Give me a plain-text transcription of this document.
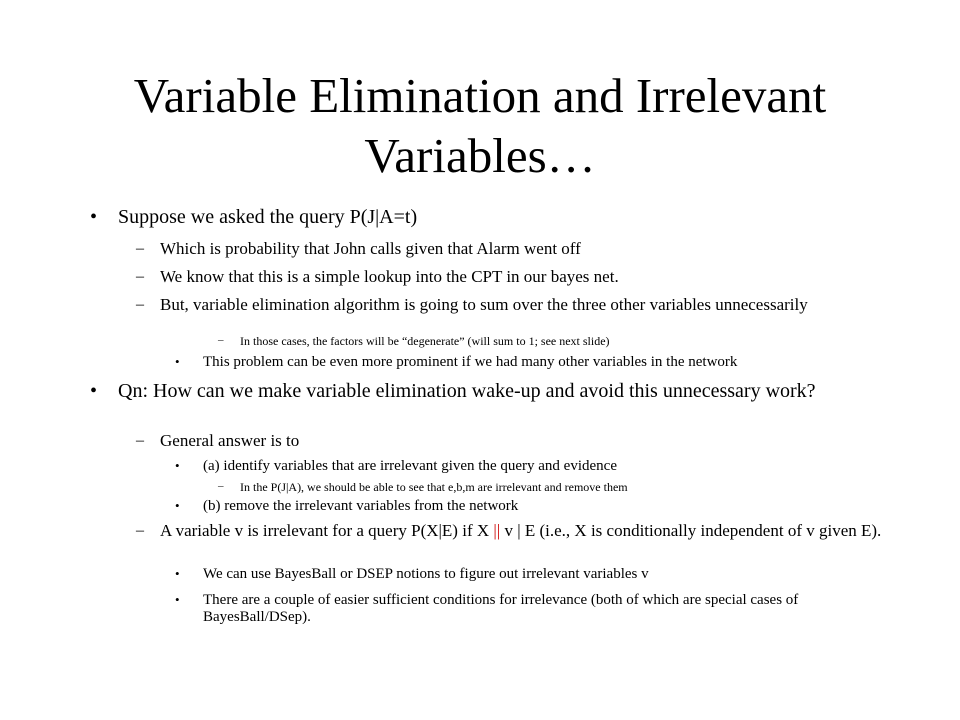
Variable Elimination and Irrelevant Variables…
• Suppose we asked the query P(J|A=t)
– Which is probability that John calls given that Alarm went off
– We know that this is a simple lookup into the CPT in our bayes net.
– But, variable elimination algorithm is going to sum over the three other variables unnecessarily
– In those cases, the factors will be “degenerate” (will sum to 1; see next slide)
• This problem can be even more prominent if we had many other variables in the network
• Qn: How can we make variable elimination wake-up and avoid this unnecessary work?
– General answer is to
• (a) identify variables that are irrelevant given the query and evidence
– In the P(J|A), we should be able to see that e,b,m are irrelevant and remove them
• (b) remove the irrelevant variables from the network
– A variable v is irrelevant for a query P(X|E) if X || v | E (i.e., X is conditionally independent of v given E).
• We can use BayesBall or DSEP notions to figure out irrelevant variables v
• There are a couple of easier sufficient conditions for irrelevance (both of which are special cases of BayesBall/DSep).
